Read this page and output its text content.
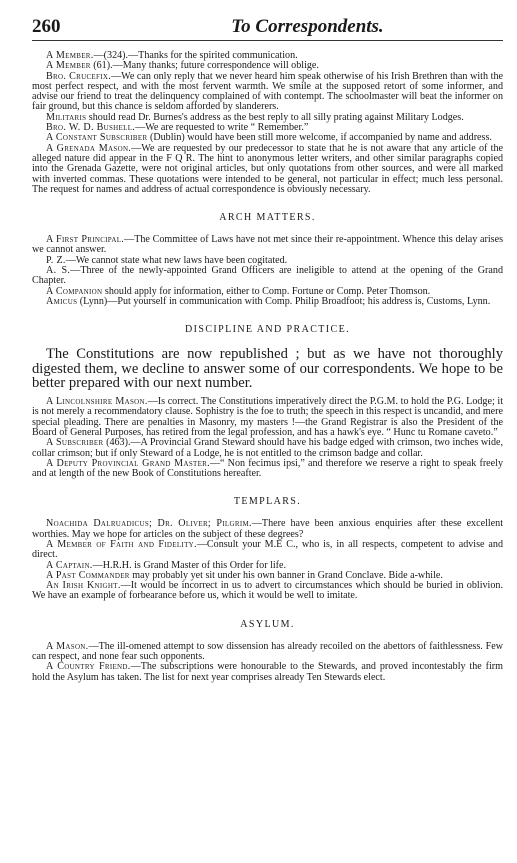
260	To Correspondents.

A Member.—(324).—Thanks for the spirited communication.

A Member (61).—Many thanks; future correspondence will oblige.

Bro. Crucefix.—We can only reply that we never heard him speak otherwise of his Irish Brethren than with the most perfect respect, and with the most fervent warmth. We smile at the supposed retort of some informer, and advise our friend to treat the delinquency complained of with contempt. The schoolmaster will beat the informer on fair ground, but this chance is seldom afforded by slanderers.

Militaris should read Dr. Burnes's address as the best reply to all silly prating against Military Lodges.

Bro. W. D. Bushell.—We are requested to write “ Remember.”

A Constant Subscriber (Dublin) would have been still more welcome, if accompanied by name and address.

A Grenada Mason.—We are requested by our predecessor to state that he is not aware that any article of the alleged nature did appear in the F Q R. The hint to anonymous letter writers, and other similar paragraphs copied into the Grenada Gazette, were not original articles, but only quotations from other sources, and were all marked with inverted commas. These quotations were intended to be general, not particular in effect; much less personal. The request for names and address of actual correspondence is obviously necessary.

ARCH MATTERS.

A First Principal.—The Committee of Laws have not met since their re-appointment. Whence this delay arises we cannot answer.

P. Z.—We cannot state what new laws have been cogitated.

A. S.—Three of the newly-appointed Grand Officers are ineligible to attend at the opening of the Grand Chapter.

A Companion should apply for information, either to Comp. Fortune or Comp. Peter Thomson.

Amicus (Lynn)—Put yourself in communication with Comp. Philip Broadfoot; his address is, Customs, Lynn.

DISCIPLINE AND PRACTICE.

The Constitutions are now republished ; but as we have not thoroughly digested them, we decline to answer some of our correspondents. We hope to be better prepared with our next number.

A Lincolnshire Mason.—Is correct. The Constitutions imperatively direct the P.G.M. to hold the P.G. Lodge; it is not merely a recommendatory clause. Sophistry is the foe to truth; the speech in this respect is uncandid, and mere special pleading. There are penalties in Masonry, my masters !—the Grand Registrar is also the President of the Board of General Purposes, has retired from the legal profession, and has a hawk's eye. “ Hunc tu Romane caveto.”

A Subscriber (463).—A Provincial Grand Steward should have his badge edged with crimson, two inches wide, collar crimson; but if only Steward of a Lodge, he is not entitled to the crimson badge and collar.

A Deputy Provincial Grand Master.—“ Non fecimus ipsi,” and therefore we reserve a right to speak freely and at length of the new Book of Constitutions hereafter.

TEMPLARS.

Noachida Dalruadicus; Dr. Oliver; Pilgrim.—There have been anxious enquiries after these excellent worthies. May we hope for articles on the subject of these degrees?

A Member of Faith and Fidelity.—Consult your M.E C., who is, in all respects, competent to advise and direct.

A Captain.—H.R.H. is Grand Master of this Order for life.

A Past Commander may probably yet sit under his own banner in Grand Conclave. Bide a-while.

An Irish Knight.—It would be incorrect in us to advert to circumstances which should be buried in oblivion. We have an example of forbearance before us, which it would be well to imitate.

ASYLUM.

A Mason.—The ill-omened attempt to sow dissension has already recoiled on the abettors of faithlessness. Few can respect, and none fear such opponents.

A Country Friend.—The subscriptions were honourable to the Stewards, and proved incontestably the firm hold the Asylum has taken. The list for next year comprises already Ten Stewards elect.
